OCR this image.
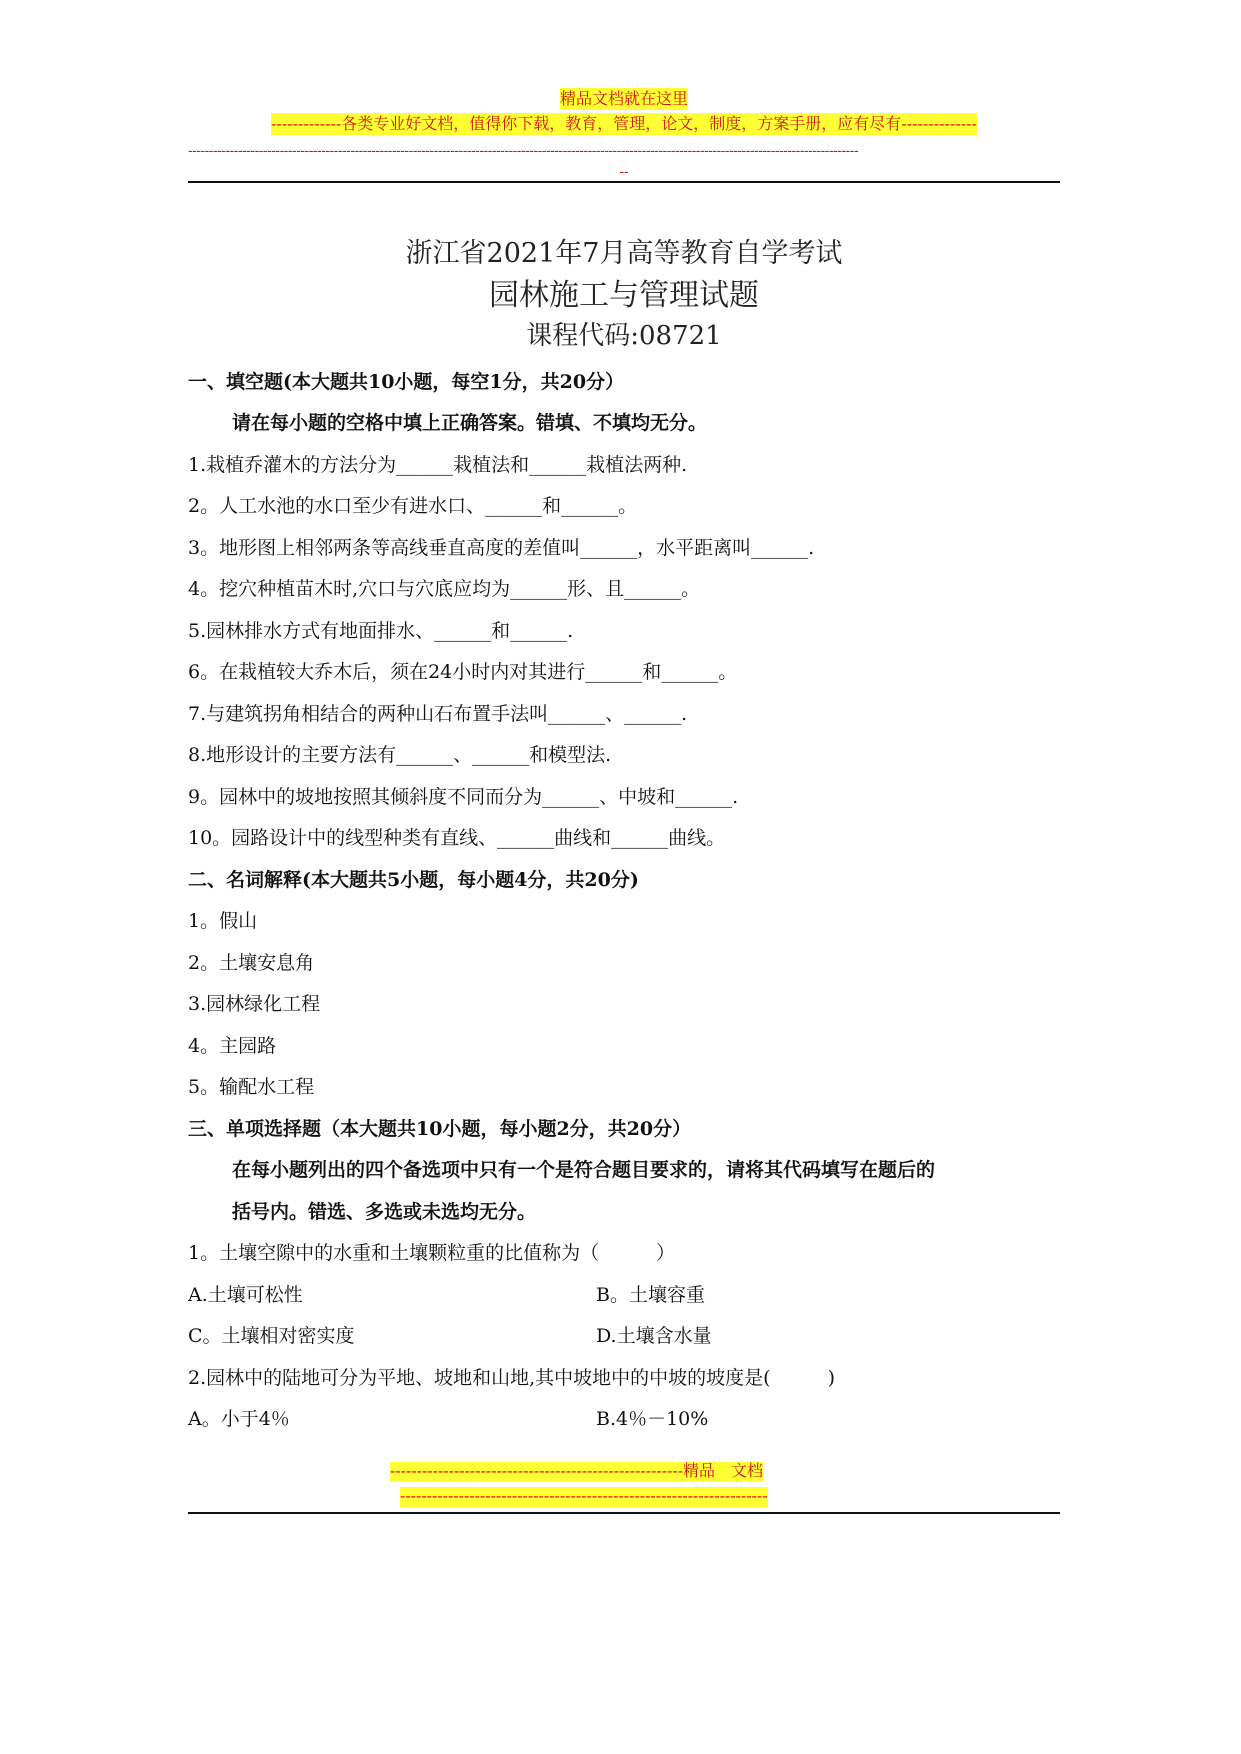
精品文档就在这里
-------------各类专业好文档，值得你下载，教育，管理，论文，制度，方案手册，应有尽有--------------
-----------------------------------------------------------------------------------------------------------------------------------------------------------------
--
浙江省2021年7月高等教育自学考试
园林施工与管理试题
课程代码:08721
一、填空题(本大题共10小题，每空1分，共20分）
请在每小题的空格中填上正确答案。错填、不填均无分。
1.栽植乔灌木的方法分为______栽植法和______栽植法两种.
2。人工水池的水口至少有进水口、______和______。
3。地形图上相邻两条等高线垂直高度的差值叫______，水平距离叫______.
4。挖穴种植苗木时,穴口与穴底应均为______形、且______。
5.园林排水方式有地面排水、______和______.
6。在栽植较大乔木后，须在24小时内对其进行______和______。
7.与建筑拐角相结合的两种山石布置手法叫______、______.
8.地形设计的主要方法有______、______和模型法.
9。园林中的坡地按照其倾斜度不同而分为______、中坡和______.
10。园路设计中的线型种类有直线、______曲线和______曲线。
二、名词解释(本大题共5小题，每小题4分，共20分)
1。假山
2。土壤安息角
3.园林绿化工程
4。主园路
5。输配水工程
三、单项选择题（本大题共10小题，每小题2分，共20分）
在每小题列出的四个备选项中只有一个是符合题目要求的，请将其代码填写在题后的
括号内。错选、多选或未选均无分。
1。土壤空隙中的水重和土壤颗粒重的比值称为（　　　）
A.土壤可松性	B。土壤容重
C。土壤相对密实度	D.土壤含水量
2.园林中的陆地可分为平地、坡地和山地,其中坡地中的中坡的坡度是(　　　)
A。小于4％	B.4％－10%
-------------------------------------------------------精品　文档
---------------------------------------------------------------------
